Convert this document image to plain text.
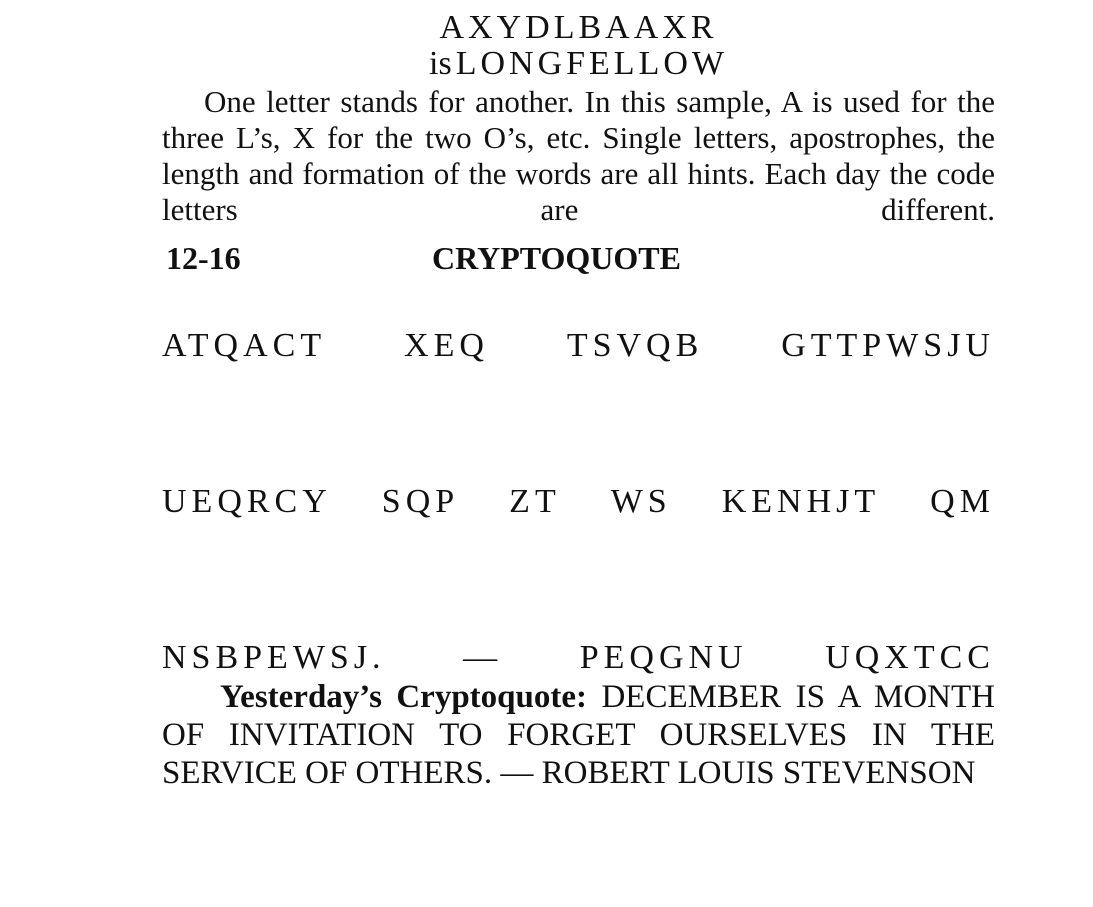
AXYDLBAAXR

is LONGFELLOW

One letter stands for another. In this sample, A is used for the three L’s, X for the two O’s, etc. Single letters, apostrophes, the length and formation of the words are all hints. Each day the code letters are different.

12-16	CRYPTOQUOTE

ATQACT XEQ TSVQB GTTPWSJU

UEQRCY SQP ZT WS KENHJT QM

NSBPEWSJ. — PEQGNU UQXTCC

Yesterday’s Cryptoquote: DECEMBER IS A MONTH OF INVITATION TO FORGET OURSELVES IN THE SERVICE OF OTHERS. — ROBERT LOUIS STEVENSON
